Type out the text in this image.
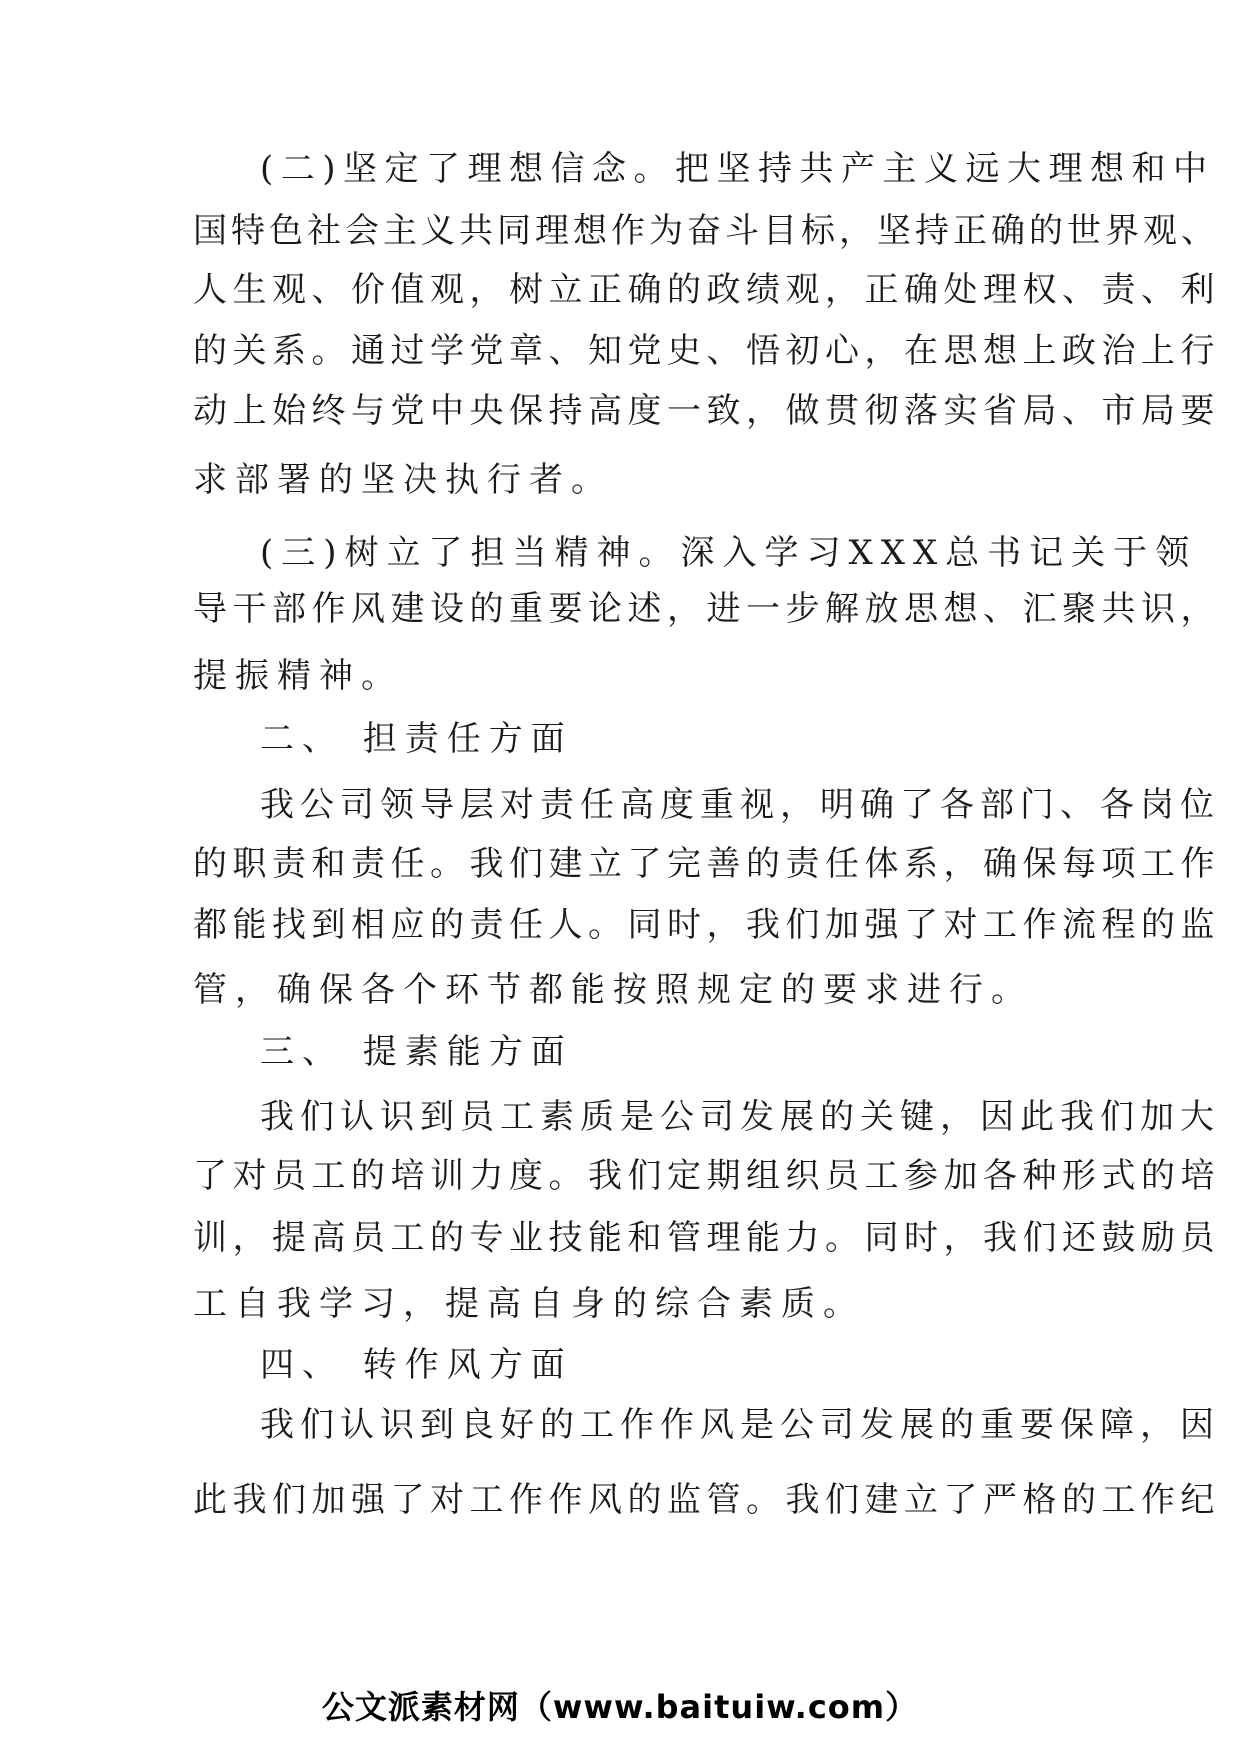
(二)坚定了理想信念。把坚持共产主义远大理想和中
国特色社会主义共同理想作为奋斗目标，坚持正确的世界观、
人生观、价值观，树立正确的政绩观，正确处理权、责、利
的关系。通过学党章、知党史、悟初心，在思想上政治上行
动上始终与党中央保持高度一致，做贯彻落实省局、市局要
求部署的坚决执行者。
(三)树立了担当精神。深入学习XXX总书记关于领
导干部作风建设的重要论述，进一步解放思想、汇聚共识，
提振精神。
二、 担责任方面
我公司领导层对责任高度重视，明确了各部门、各岗位
的职责和责任。我们建立了完善的责任体系，确保每项工作
都能找到相应的责任人。同时，我们加强了对工作流程的监
管，确保各个环节都能按照规定的要求进行。
三、 提素能方面
我们认识到员工素质是公司发展的关键，因此我们加大
了对员工的培训力度。我们定期组织员工参加各种形式的培
训，提高员工的专业技能和管理能力。同时，我们还鼓励员
工自我学习，提高自身的综合素质。
四、 转作风方面
我们认识到良好的工作作风是公司发展的重要保障，因
此我们加强了对工作作风的监管。我们建立了严格的工作纪
公文派素材网（www.baituiw.com）
